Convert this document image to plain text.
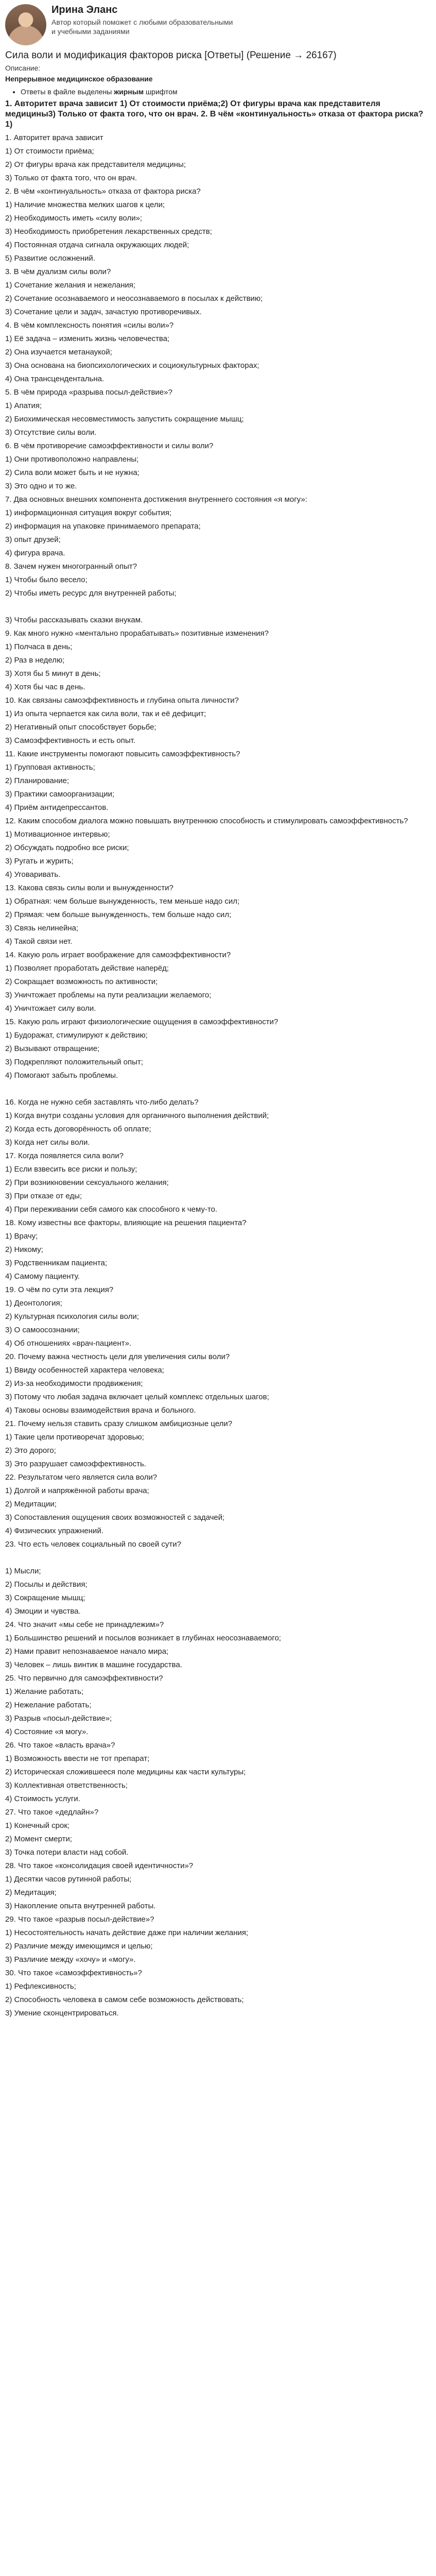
Ирина Эланс
Автор который поможет с любыми образовательными и учебными заданиями
Сила воли и модификация факторов риска [Ответы] (Решение → 26167)
Описание:
Непрерывное медицинское образование
• Ответы в файле выделены жирным шрифтом
1. Авторитет врача зависит 1) От стоимости приёма;2) От фигуры врача как представителя медицины3) Только от факта того, что он врач. 2. В чём «континуальность» отказа от фактора риска? 1)
1. Авторитет врача зависит
1) От стоимости приёма;
2) От фигуры врача как представителя медицины;
3) Только от факта того, что он врач.
2. В чём «континуальность» отказа от фактора риска?
1) Наличие множества мелких шагов к цели;
2) Необходимость иметь «силу воли»;
3) Необходимость приобретения лекарственных средств;
4) Постоянная отдача сигнала окружающих людей;
5) Развитие осложнений.
3. В чём дуализм силы воли?
1) Сочетание желания и нежелания;
2) Сочетание осознаваемого и неосознаваемого в посылах к действию;
3) Сочетание цели и задач, зачастую противоречивых.
4. В чём комплексность понятия «силы воли»?
1) Её задача – изменить жизнь человечества;
2) Она изучается метанаукой;
3) Она основана на биопсихологических и социокультурных факторах;
4) Она трансцендентальна.
5. В чём природа «разрыва посыл-действие»?
1) Апатия;
2) Биохимическая несовместимость запустить сокращение мышц;
3) Отсутствие силы воли.
6. В чём противоречие самоэффективности и силы воли?
1) Они противоположно направлены;
2) Сила воли может быть и не нужна;
3) Это одно и то же.
7. Два основных внешних компонента достижения внутреннего состояния «я могу»:
1) информационная ситуация вокруг события;
2) информация на упаковке принимаемого препарата;
3) опыт друзей;
4) фигура врача.
8. Зачем нужен многогранный опыт?
1) Чтобы было весело;
2) Чтобы иметь ресурс для внутренней работы;
3) Чтобы рассказывать сказки внукам.
9. Как много нужно «ментально прорабатывать» позитивные изменения?
1) Полчаса в день;
2) Раз в неделю;
3) Хотя бы 5 минут в день;
4) Хотя бы час в день.
10. Как связаны самоэффективность и глубина опыта личности?
1) Из опыта черпается как сила воли, так и её дефицит;
2) Негативный опыт способствует борьбе;
3) Самоэффективность и есть опыт.
11. Какие инструменты помогают повысить самоэффективность?
1) Групповая активность;
2) Планирование;
3) Практики самоорганизации;
4) Приём антидепрессантов.
12. Каким способом диалога можно повышать внутреннюю способность и стимулировать самоэффективность?
1) Мотивационное интервью;
2) Обсуждать подробно все риски;
3) Ругать и журить;
4) Уговаривать.
13. Какова связь силы воли и вынужденности?
1) Обратная: чем больше вынужденность, тем меньше надо сил;
2) Прямая: чем больше вынужденность, тем больше надо сил;
3) Связь нелинейна;
4) Такой связи нет.
14. Какую роль играет воображение для самоэффективности?
1) Позволяет проработать действие наперёд;
2) Сокращает возможность по активности;
3) Уничтожает проблемы на пути реализации желаемого;
4) Уничтожает силу воли.
15. Какую роль играют физиологические ощущения в самоэффективности?
1) Будоражат, стимулируют к действию;
2) Вызывают отвращение;
3) Подкрепляют положительный опыт;
4) Помогают забыть проблемы.
16. Когда не нужно себя заставлять что-либо делать?
1) Когда внутри созданы условия для органичного выполнения действий;
2) Когда есть договорённость об оплате;
3) Когда нет силы воли.
17. Когда появляется сила воли?
1) Если взвесить все риски и пользу;
2) При возникновении сексуального желания;
3) При отказе от еды;
4) При переживании себя самого как способного к чему-то.
18. Кому известны все факторы, влияющие на решения пациента?
1) Врачу;
2) Никому;
3) Родственникам пациента;
4) Самому пациенту.
19. О чём по сути эта лекция?
1) Деонтология;
2) Культурная психология силы воли;
3) О самоосознании;
4) Об отношениях «врач-пациент».
20. Почему важна честность цели для увеличения силы воли?
1) Ввиду особенностей характера человека;
2) Из-за необходимости продвижения;
3) Потому что любая задача включает целый комплекс отдельных шагов;
4) Таковы основы взаимодействия врача и больного.
21. Почему нельзя ставить сразу слишком амбициозные цели?
1) Такие цели противоречат здоровью;
2) Это дорого;
3) Это разрушает самоэффективность.
22. Результатом чего является сила воли?
1) Долгой и напряжённой работы врача;
2) Медитации;
3) Сопоставления ощущения своих возможностей с задачей;
4) Физических упражнений.
23. Что есть человек социальный по своей сути?
1) Мысли;
2) Посылы и действия;
3) Сокращение мышц;
4) Эмоции и чувства.
24. Что значит «мы себе не принадлежим»?
1) Большинство решений и посылов возникает в глубинах неосознаваемого;
2) Нами правит непознаваемое начало мира;
3) Человек – лишь винтик в машине государства.
25. Что первично для самоэффективности?
1) Желание работать;
2) Нежелание работать;
3) Разрыв «посыл-действие»;
4) Состояние «я могу».
26. Что такое «власть врача»?
1) Возможность ввести не тот препарат;
2) Историческая сложившееся поле медицины как части культуры;
3) Коллективная ответственность;
4) Стоимость услуги.
27. Что такое «дедлайн»?
1) Конечный срок;
2) Момент смерти;
3) Точка потери власти над собой.
28. Что такое «консолидация своей идентичности»?
1) Десятки часов рутинной работы;
2) Медитация;
3) Накопление опыта внутренней работы.
29. Что такое «разрыв посыл-действие»?
1) Несостоятельность начать действие даже при наличии желания;
2) Различие между имеющимся и целью;
3) Различие между «хочу» и «могу».
30. Что такое «самоэффективность»?
1) Рефлексивность;
2) Способность человека в самом себе возможность действовать;
3) Умение сконцентрироваться.
